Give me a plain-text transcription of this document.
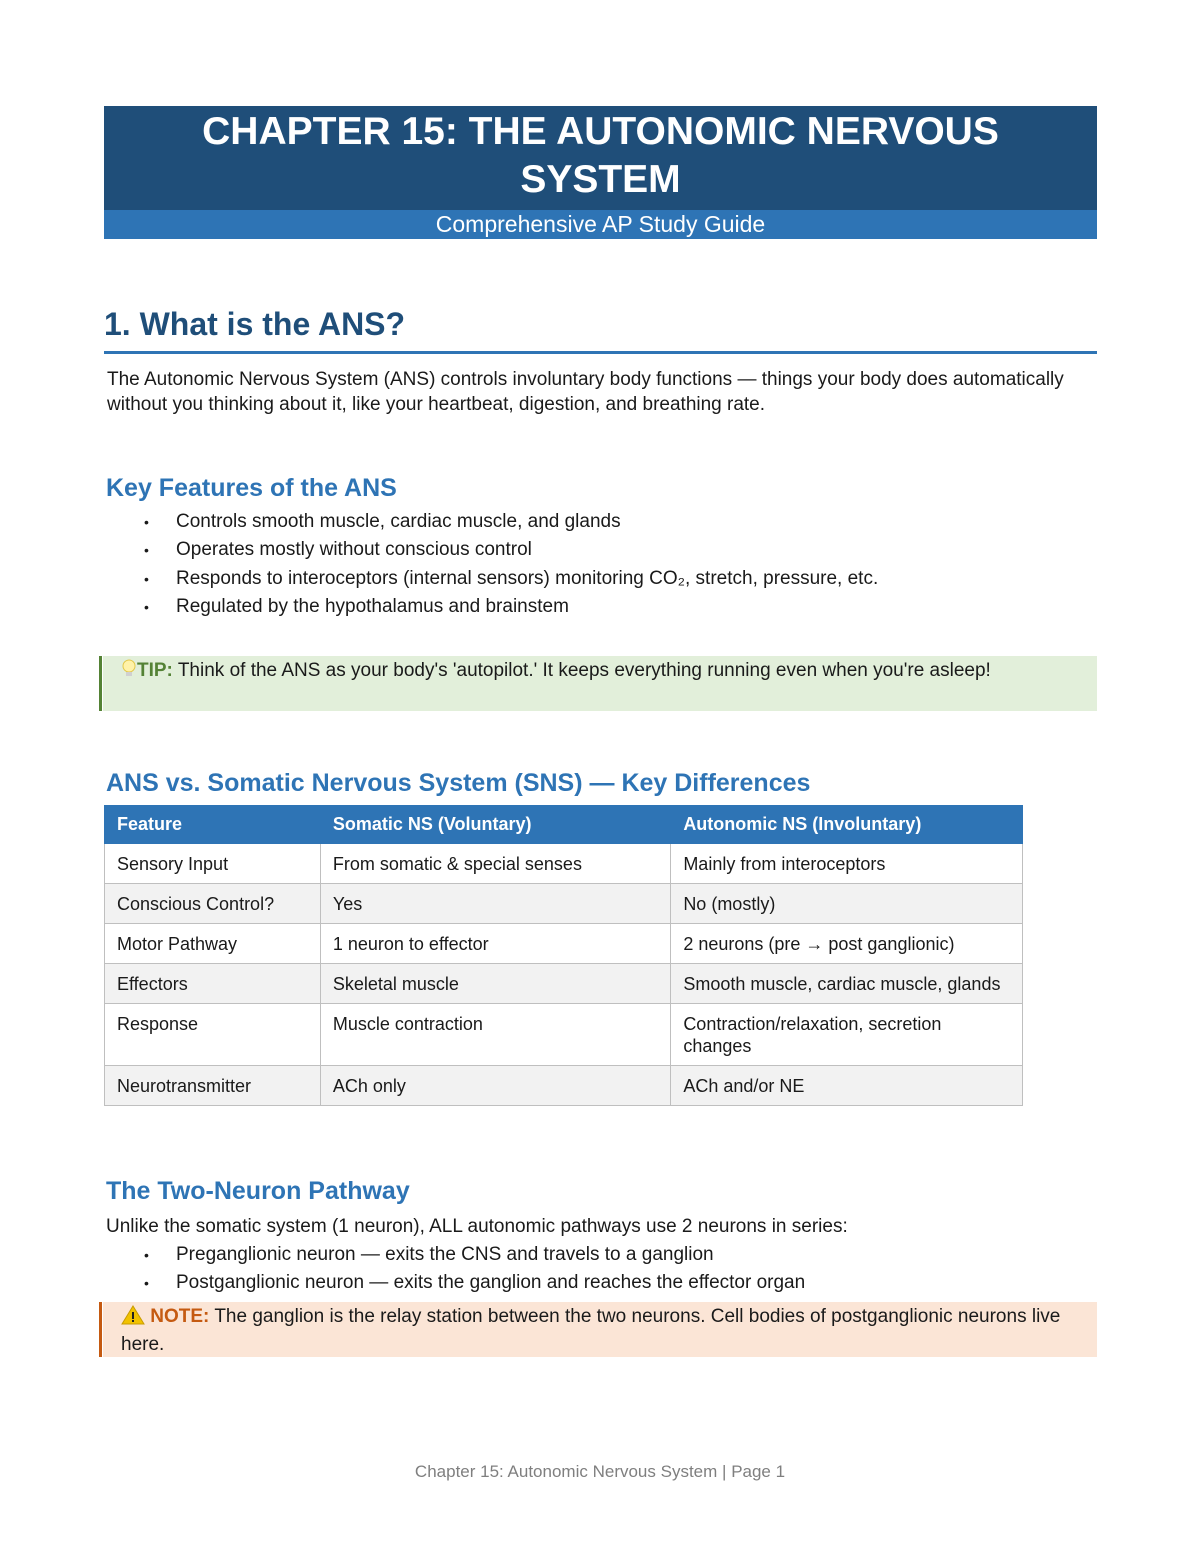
CHAPTER 15: THE AUTONOMIC NERVOUS
SYSTEM
Comprehensive AP Study Guide
1. What is the ANS?
The Autonomic Nervous System (ANS) controls involuntary body functions — things your body does automatically without you thinking about it, like your heartbeat, digestion, and breathing rate.
Key Features of the ANS
• Controls smooth muscle, cardiac muscle, and glands
• Operates mostly without conscious control
• Responds to interoceptors (internal sensors) monitoring CO₂, stretch, pressure, etc.
• Regulated by the hypothalamus and brainstem
TIP: Think of the ANS as your body's 'autopilot.' It keeps everything running even when you're asleep!
ANS vs. Somatic Nervous System (SNS) — Key Differences
Feature	Somatic NS (Voluntary)	Autonomic NS (Involuntary)
Sensory Input	From somatic & special senses	Mainly from interoceptors
Conscious Control?	Yes	No (mostly)
Motor Pathway	1 neuron to effector	2 neurons (pre → post ganglionic)
Effectors	Skeletal muscle	Smooth muscle, cardiac muscle, glands
Response	Muscle contraction	Contraction/relaxation, secretion changes
Neurotransmitter	ACh only	ACh and/or NE
The Two-Neuron Pathway
Unlike the somatic system (1 neuron), ALL autonomic pathways use 2 neurons in series:
• Preganglionic neuron — exits the CNS and travels to a ganglion
• Postganglionic neuron — exits the ganglion and reaches the effector organ
NOTE: The ganglion is the relay station between the two neurons. Cell bodies of postganglionic neurons live here.
Chapter 15: Autonomic Nervous System | Page 1
